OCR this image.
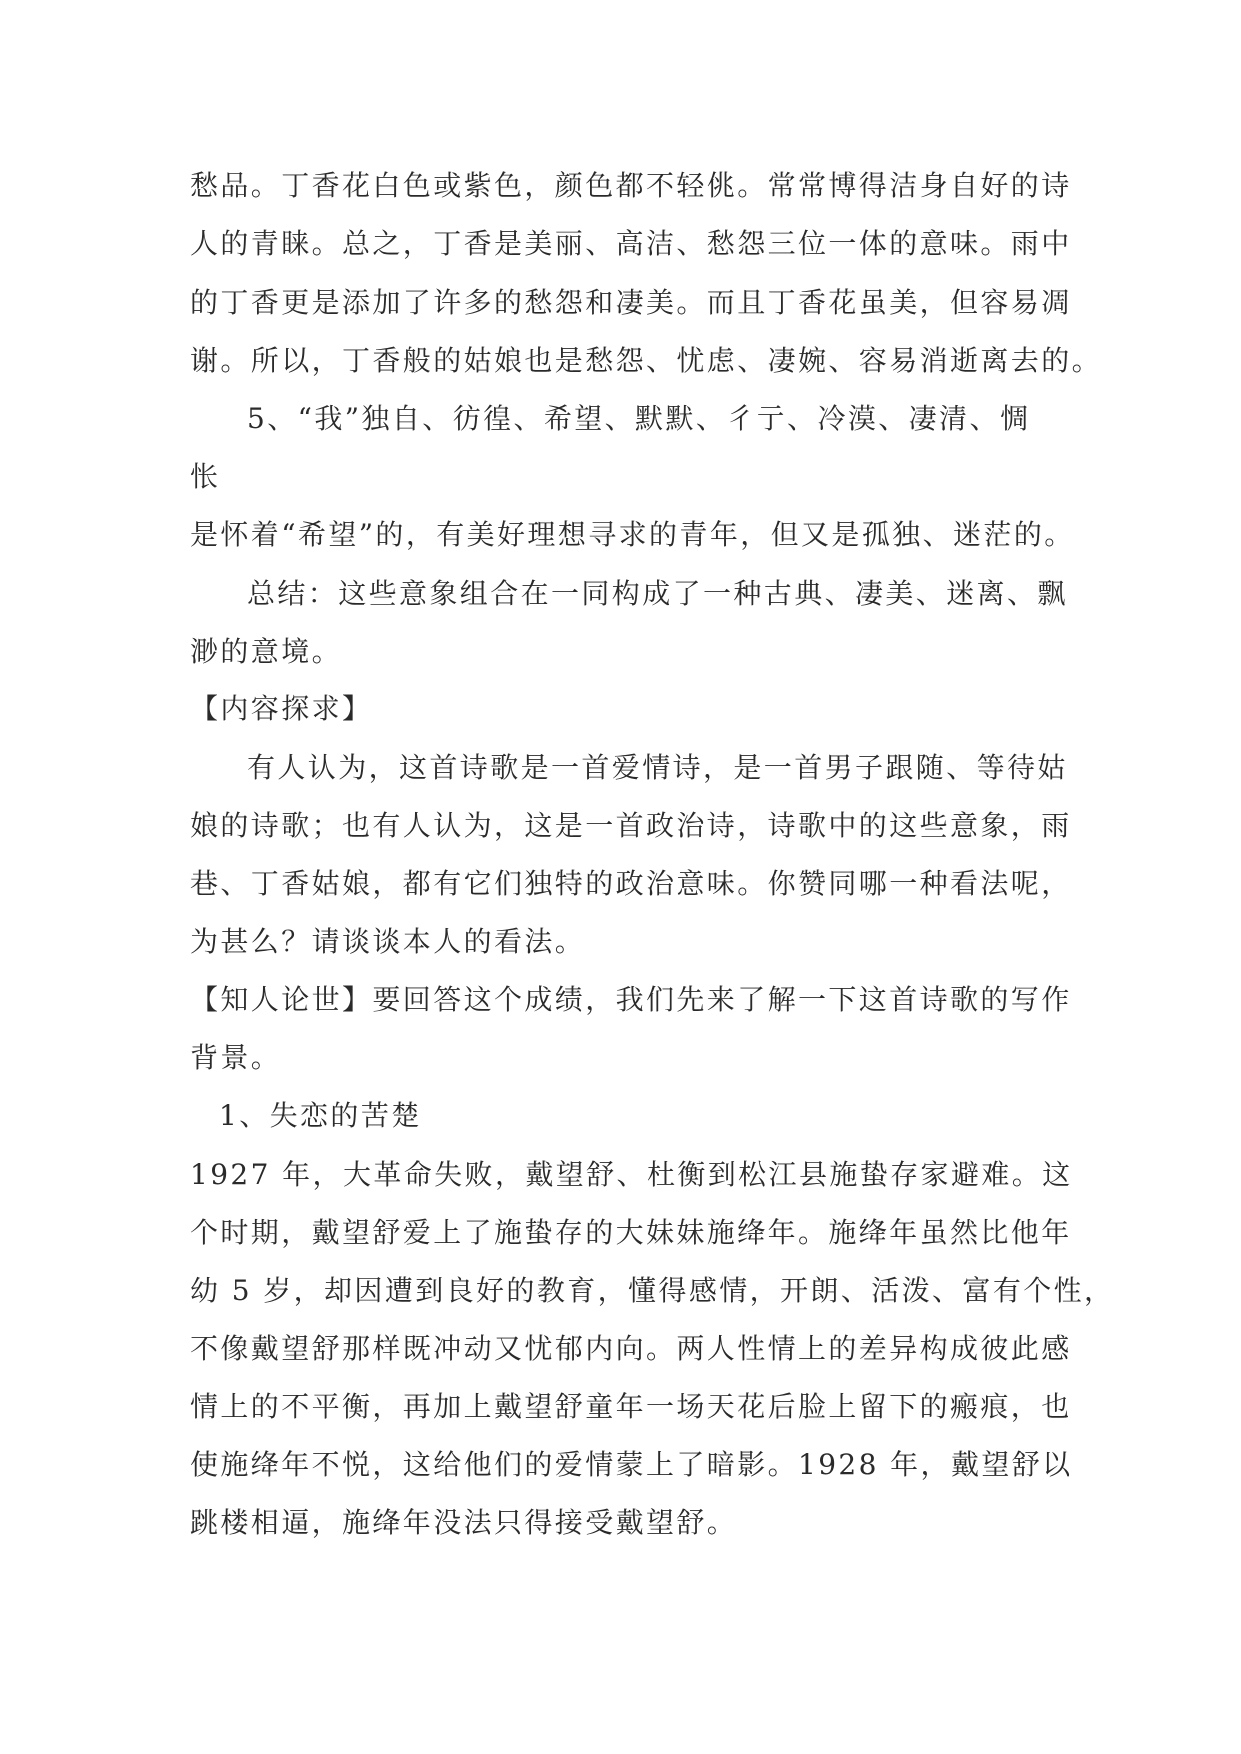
愁品。丁香花白色或紫色，颜色都不轻佻。常常博得洁身自好的诗
人的青睐。总之，丁香是美丽、高洁、愁怨三位一体的意味。雨中
的丁香更是添加了许多的愁怨和凄美。而且丁香花虽美，但容易凋
谢。所以，丁香般的姑娘也是愁怨、忧虑、凄婉、容易消逝离去的。
5、“我”独自、彷徨、希望、默默、彳亍、冷漠、凄清、惆
怅
是怀着“希望”的，有美好理想寻求的青年，但又是孤独、迷茫的。
总结：这些意象组合在一同构成了一种古典、凄美、迷离、飘
渺的意境。
【内容探求】
有人认为，这首诗歌是一首爱情诗，是一首男子跟随、等待姑
娘的诗歌；也有人认为，这是一首政治诗，诗歌中的这些意象，雨
巷、丁香姑娘，都有它们独特的政治意味。你赞同哪一种看法呢，
为甚么？请谈谈本人的看法。
【知人论世】要回答这个成绩，我们先来了解一下这首诗歌的写作
背景。
1、失恋的苦楚
1927 年，大革命失败，戴望舒、杜衡到松江县施蛰存家避难。这
个时期，戴望舒爱上了施蛰存的大妹妹施绛年。施绛年虽然比他年
幼 5 岁，却因遭到良好的教育，懂得感情，开朗、活泼、富有个性，
不像戴望舒那样既冲动又忧郁内向。两人性情上的差异构成彼此感
情上的不平衡，再加上戴望舒童年一场天花后脸上留下的瘢痕，也
使施绛年不悦，这给他们的爱情蒙上了暗影。1928 年，戴望舒以
跳楼相逼，施绛年没法只得接受戴望舒。
